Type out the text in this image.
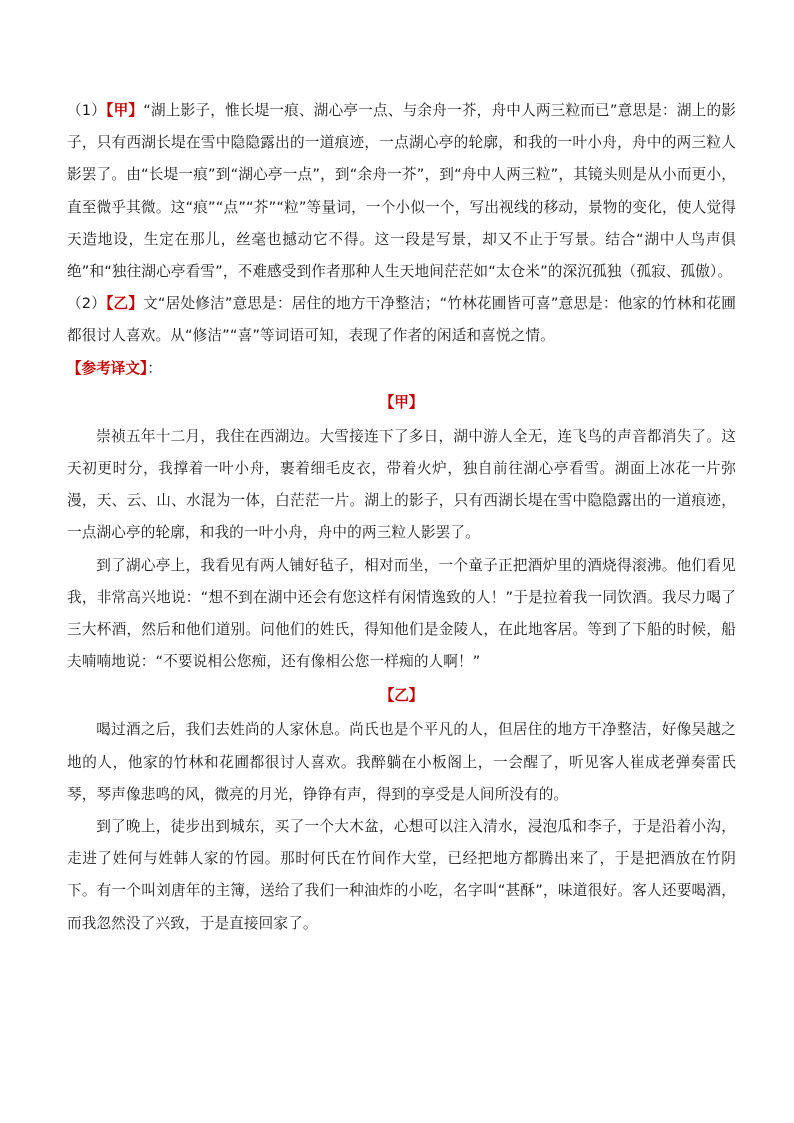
（1）【甲】“湖上影子，惟长堤一痕、湖心亭一点、与余舟一芥，舟中人两三粒而已”意思是：湖上的影子，只有西湖长堤在雪中隐隐露出的一道痕迹，一点湖心亭的轮廓，和我的一叶小舟，舟中的两三粒人影罢了。由“长堤一痕”到“湖心亭一点”，到“余舟一芥”，到“舟中人两三粒”，其镜头则是从小而更小，直至微乎其微。这“痕”“点”“芥”“粒”等量词，一个小似一个，写出视线的移动，景物的变化，使人觉得天造地设，生定在那儿，丝毫也撼动它不得。这一段是写景，却又不止于写景。结合“湖中人鸟声俱绝”和“独往湖心亭看雪”，不难感受到作者那种人生天地间茫茫如“太仓米”的深沉孤独（孤寂、孤傲）。

（2）【乙】文“居处修洁”意思是：居住的地方干净整洁；“竹林花圃皆可喜”意思是：他家的竹林和花圃都很讨人喜欢。从“修洁”“喜”等词语可知，表现了作者的闲适和喜悦之情。

【参考译文】：

【甲】

崇祯五年十二月，我住在西湖边。大雪接连下了多日，湖中游人全无，连飞鸟的声音都消失了。这天初更时分，我撑着一叶小舟，裹着细毛皮衣，带着火炉，独自前往湖心亭看雪。湖面上冰花一片弥漫，天、云、山、水混为一体，白茫茫一片。湖上的影子，只有西湖长堤在雪中隐隐露出的一道痕迹，一点湖心亭的轮廓，和我的一叶小舟，舟中的两三粒人影罢了。

到了湖心亭上，我看见有两人铺好毡子，相对而坐，一个童子正把酒炉里的酒烧得滚沸。他们看见我，非常高兴地说：“想不到在湖中还会有您这样有闲情逸致的人！”于是拉着我一同饮酒。我尽力喝了三大杯酒，然后和他们道别。问他们的姓氏，得知他们是金陵人，在此地客居。等到了下船的时候，船夫喃喃地说：“不要说相公您痴，还有像相公您一样痴的人啊！”

【乙】

喝过酒之后，我们去姓尚的人家休息。尚氏也是个平凡的人，但居住的地方干净整洁，好像吴越之地的人，他家的竹林和花圃都很讨人喜欢。我醉躺在小板阁上，一会醒了，听见客人崔成老弹奏雷氏琴，琴声像悲鸣的风，微亮的月光，铮铮有声，得到的享受是人间所没有的。

到了晚上，徒步出到城东，买了一个大木盆，心想可以注入清水，浸泡瓜和李子，于是沿着小沟，走进了姓何与姓韩人家的竹园。那时何氏在竹间作大堂，已经把地方都腾出来了，于是把酒放在竹阴下。有一个叫刘唐年的主簿，送给了我们一种油炸的小吃，名字叫“甚酥”，味道很好。客人还要喝酒，而我忽然没了兴致，于是直接回家了。
